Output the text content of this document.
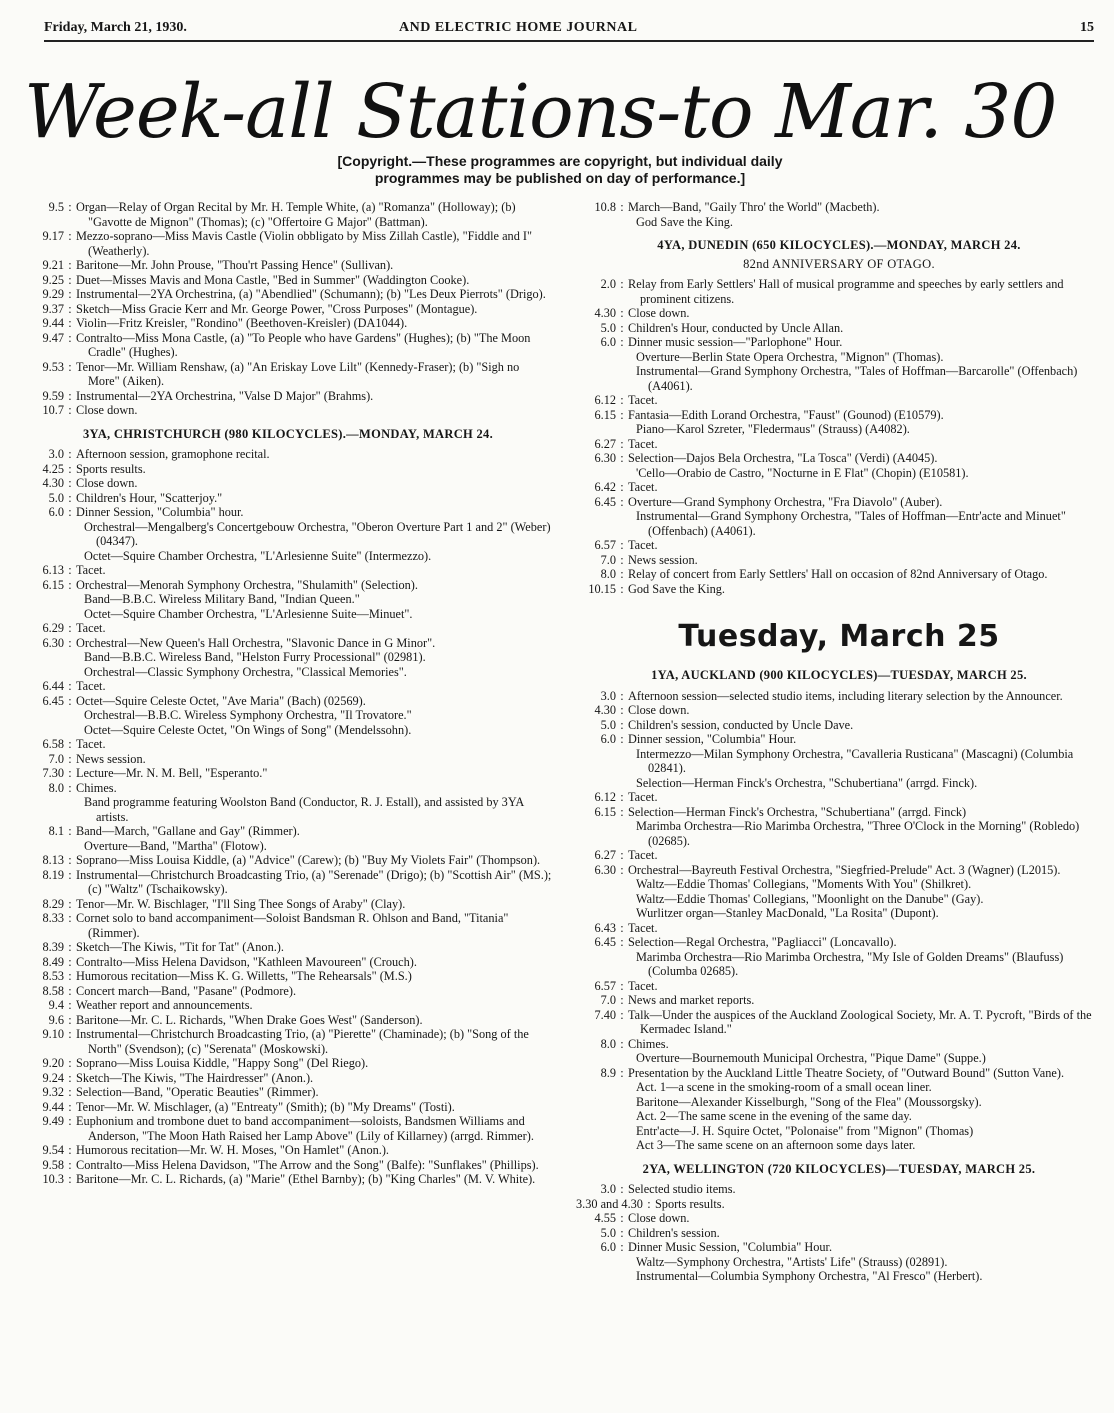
Friday, March 21, 1930.	AND ELECTRIC HOME JOURNAL	15
Week-all Stations-to Mar. 30
[Copyright.—These programmes are copyright, but individual daily programmes may be published on day of performance.]
9.5 : Organ—Relay of Organ Recital by Mr. H. Temple White, (a) "Romanza" (Holloway); (b) "Gavotte de Mignon" (Thomas); (c) "Offertoire G Major" (Battman).
9.17 : Mezzo-soprano—Miss Mavis Castle (Violin obbligato by Miss Zillah Castle), "Fiddle and I" (Weatherly).
9.21 : Baritone—Mr. John Prouse, "Thou'rt Passing Hence" (Sullivan).
9.25 : Duet—Misses Mavis and Mona Castle, "Bed in Summer" (Waddington Cooke).
9.29 : Instrumental—2YA Orchestrina, (a) "Abendlied" (Schumann); (b) "Les Deux Pierrots" (Drigo).
9.37 : Sketch—Miss Gracie Kerr and Mr. George Power, "Cross Purposes" (Montague).
9.44 : Violin—Fritz Kreisler, "Rondino" (Beethoven-Kreisler) (DA1044).
9.47 : Contralto—Miss Mona Castle, (a) "To People who have Gardens" (Hughes); (b) "The Moon Cradle" (Hughes).
9.53 : Tenor—Mr. William Renshaw, (a) "An Eriskay Love Lilt" (Kennedy-Fraser); (b) "Sigh no More" (Aiken).
9.59 : Instrumental—2YA Orchestrina, "Valse D Major" (Brahms).
10.7 : Close down.
3YA, CHRISTCHURCH (980 KILOCYCLES).—MONDAY, MARCH 24.
3.0 : Afternoon session, gramophone recital.
4.25 : Sports results.
4.30 : Close down.
5.0 : Children's Hour, "Scatterjoy."
6.0 : Dinner Session, "Columbia" hour.
Orchestral—Mengalberg's Concertgebouw Orchestra, "Oberon Overture Part 1 and 2" (Weber) (04347).
Octet—Squire Chamber Orchestra, "L'Arlesienne Suite" (Intermezzo).
6.13 : Tacet.
6.15 : Orchestral—Menorah Symphony Orchestra, "Shulamith" (Selection).
Band—B.B.C. Wireless Military Band, "Indian Queen."
Octet—Squire Chamber Orchestra, "L'Arlesienne Suite—Minuet".
6.29 : Tacet.
6.30 : Orchestral—New Queen's Hall Orchestra, "Slavonic Dance in G Minor".
Band—B.B.C. Wireless Band, "Helston Furry Processional" (02981).
Orchestral—Classic Symphony Orchestra, "Classical Memories".
6.44 : Tacet.
6.45 : Octet—Squire Celeste Octet, "Ave Maria" (Bach) (02569).
Orchestral—B.B.C. Wireless Symphony Orchestra, "Il Trovatore."
Octet—Squire Celeste Octet, "On Wings of Song" (Mendelssohn).
6.58 : Tacet.
7.0 : News session.
7.30 : Lecture—Mr. N. M. Bell, "Esperanto."
8.0 : Chimes.
Band programme featuring Woolston Band (Conductor, R. J. Estall), and assisted by 3YA artists.
8.1 : Band—March, "Gallane and Gay" (Rimmer).
Overture—Band, "Martha" (Flotow).
8.13 : Soprano—Miss Louisa Kiddle, (a) "Advice" (Carew); (b) "Buy My Violets Fair" (Thompson).
8.19 : Instrumental—Christchurch Broadcasting Trio, (a) "Serenade" (Drigo); (b) "Scottish Air" (MS.); (c) "Waltz" (Tschaikowsky).
8.29 : Tenor—Mr. W. Bischlager, "I'll Sing Thee Songs of Araby" (Clay).
8.33 : Cornet solo to band accompaniment—Soloist Bandsman R. Ohlson and Band, "Titania" (Rimmer).
8.39 : Sketch—The Kiwis, "Tit for Tat" (Anon.).
8.49 : Contralto—Miss Helena Davidson, "Kathleen Mavoureen" (Crouch).
8.53 : Humorous recitation—Miss K. G. Willetts, "The Rehearsals" (M.S.)
8.58 : Concert march—Band, "Pasane" (Podmore).
9.4 : Weather report and announcements.
9.6 : Baritone—Mr. C. L. Richards, "When Drake Goes West" (Sanderson).
9.10 : Instrumental—Christchurch Broadcasting Trio, (a) "Pierette" (Chaminade); (b) "Song of the North" (Svendson); (c) "Serenata" (Moskowski).
9.20 : Soprano—Miss Louisa Kiddle, "Happy Song" (Del Riego).
9.24 : Sketch—The Kiwis, "The Hairdresser" (Anon.).
9.32 : Selection—Band, "Operatic Beauties" (Rimmer).
9.44 : Tenor—Mr. W. Mischlager, (a) "Entreaty" (Smith); (b) "My Dreams" (Tosti).
9.49 : Euphonium and trombone duet to band accompaniment—soloists, Bandsmen Williams and Anderson, "The Moon Hath Raised her Lamp Above" (Lily of Killarney) (arrgd. Rimmer).
9.54 : Humorous recitation—Mr. W. H. Moses, "On Hamlet" (Anon.).
9.58 : Contralto—Miss Helena Davidson, "The Arrow and the Song" (Balfe): "Sunflakes" (Phillips).
10.3 : Baritone—Mr. C. L. Richards, (a) "Marie" (Ethel Barnby); (b) "King Charles" (M. V. White).
10.8 : March—Band, "Gaily Thro' the World" (Macbeth).
God Save the King.
4YA, DUNEDIN (650 KILOCYCLES).—MONDAY, MARCH 24.
82nd ANNIVERSARY OF OTAGO.
2.0 : Relay from Early Settlers' Hall of musical programme and speeches by early settlers and prominent citizens.
4.30 : Close down.
5.0 : Children's Hour, conducted by Uncle Allan.
6.0 : Dinner music session—"Parlophone" Hour.
Overture—Berlin State Opera Orchestra, "Mignon" (Thomas).
Instrumental—Grand Symphony Orchestra, "Tales of Hoffman—Barcarolle" (Offenbach) (A4061).
6.12 : Tacet.
6.15 : Fantasia—Edith Lorand Orchestra, "Faust" (Gounod) (E10579).
Piano—Karol Szreter, "Fledermaus" (Strauss) (A4082).
6.27 : Tacet.
6.30 : Selection—Dajos Bela Orchestra, "La Tosca" (Verdi) (A4045).
'Cello—Orabio de Castro, "Nocturne in E Flat" (Chopin) (E10581).
6.42 : Tacet.
6.45 : Overture—Grand Symphony Orchestra, "Fra Diavolo" (Auber).
Instrumental—Grand Symphony Orchestra, "Tales of Hoffman—Entr'acte and Minuet" (Offenbach) (A4061).
6.57 : Tacet.
7.0 : News session.
8.0 : Relay of concert from Early Settlers' Hall on occasion of 82nd Anniversary of Otago.
10.15 : God Save the King.
Tuesday, March 25
1YA, AUCKLAND (900 KILOCYCLES)—TUESDAY, MARCH 25.
3.0 : Afternoon session—selected studio items, including literary selection by the Announcer.
4.30 : Close down.
5.0 : Children's session, conducted by Uncle Dave.
6.0 : Dinner session, "Columbia" Hour.
Intermezzo—Milan Symphony Orchestra, "Cavalleria Rusticana" (Mascagni) (Columbia 02841).
Selection—Herman Finck's Orchestra, "Schubertiana" (arrgd. Finck).
6.12 : Tacet.
6.15 : Selection—Herman Finck's Orchestra, "Schubertiana" (arrgd. Finck)
Marimba Orchestra—Rio Marimba Orchestra, "Three O'Clock in the Morning" (Robledo) (02685).
6.27 : Tacet.
6.30 : Orchestral—Bayreuth Festival Orchestra, "Siegfried-Prelude" Act. 3 (Wagner) (L2015).
Waltz—Eddie Thomas' Collegians, "Moments With You" (Shilkret).
Waltz—Eddie Thomas' Collegians, "Moonlight on the Danube" (Gay).
Wurlitzer organ—Stanley MacDonald, "La Rosita" (Dupont).
6.43 : Tacet.
6.45 : Selection—Regal Orchestra, "Pagliacci" (Loncavallo).
Marimba Orchestra—Rio Marimba Orchestra, "My Isle of Golden Dreams" (Blaufuss) (Columba 02685).
6.57 : Tacet.
7.0 : News and market reports.
7.40 : Talk—Under the auspices of the Auckland Zoological Society, Mr. A. T. Pycroft, "Birds of the Kermadec Island."
8.0 : Chimes.
Overture—Bournemouth Municipal Orchestra, "Pique Dame" (Suppe.)
8.9 : Presentation by the Auckland Little Theatre Society, of "Outward Bound" (Sutton Vane).
Act. 1—a scene in the smoking-room of a small ocean liner.
Baritone—Alexander Kisselburgh, "Song of the Flea" (Moussorgsky).
Act. 2—The same scene in the evening of the same day.
Entr'acte—J. H. Squire Octet, "Polonaise" from "Mignon" (Thomas)
Act 3—The same scene on an afternoon some days later.
2YA, WELLINGTON (720 KILOCYCLES)—TUESDAY, MARCH 25.
3.0 : Selected studio items.
3.30 and 4.30 : Sports results.
4.55 : Close down.
5.0 : Children's session.
6.0 : Dinner Music Session, "Columbia" Hour.
Waltz—Symphony Orchestra, "Artists' Life" (Strauss) (02891).
Instrumental—Columbia Symphony Orchestra, "Al Fresco" (Herbert).
